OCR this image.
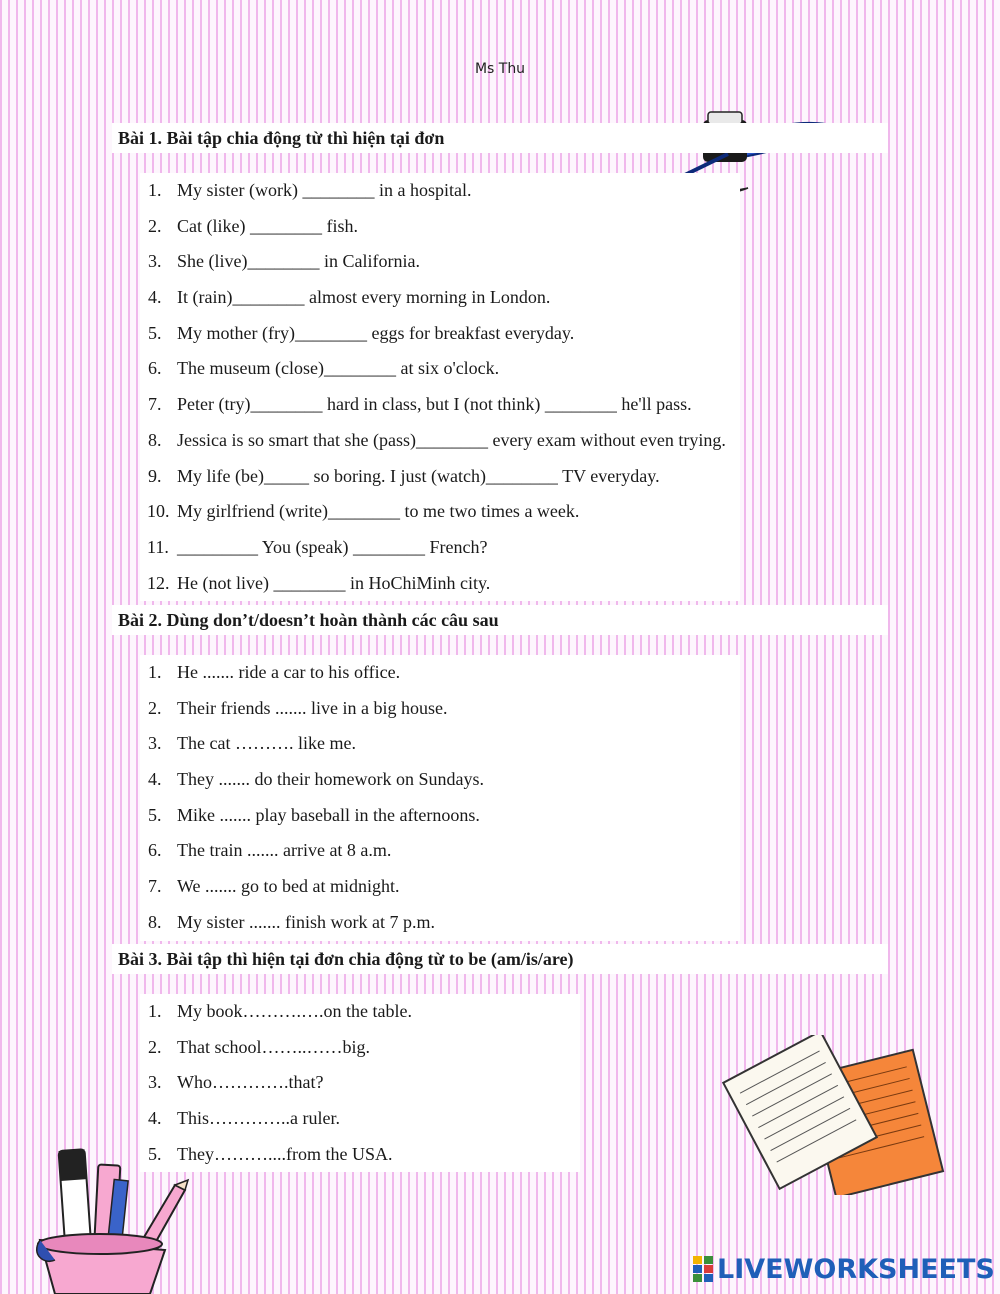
Ms Thu
Bài 1. Bài tập chia động từ thì hiện tại đơn
1. My sister (work) ________ in a hospital.
2. Cat (like) ________ fish.
3. She (live)________ in California.
4. It (rain)________ almost every morning in London.
5. My mother (fry)________ eggs for breakfast everyday.
6. The museum (close)________ at six o'clock.
7. Peter (try)________ hard in class, but I (not think) ________ he'll pass.
8. Jessica is so smart that she (pass)________ every exam without even trying.
9. My life (be)_____ so boring. I just (watch)________ TV everyday.
10. My girlfriend (write)________ to me two times a week.
11. _________ You (speak) ________ French?
12. He (not live) ________ in HoChiMinh city.
Bài 2. Dùng don’t/doesn’t hoàn thành các câu sau
1. He ....... ride a car to his office.
2. Their friends ....... live in a big house.
3. The cat ………. like me.
4. They ....... do their homework on Sundays.
5. Mike ....... play baseball in the afternoons.
6. The train ....... arrive at 8 a.m.
7. We ....... go to bed at midnight.
8. My sister ....... finish work at 7 p.m.
Bài 3. Bài tập thì hiện tại đơn chia động từ to be (am/is/are)
1. My book……….….on the table.
2. That school……..……big.
3. Who………….that?
4. This…………..a ruler.
5. They………....from the USA.
LIVEWORKSHEETS
